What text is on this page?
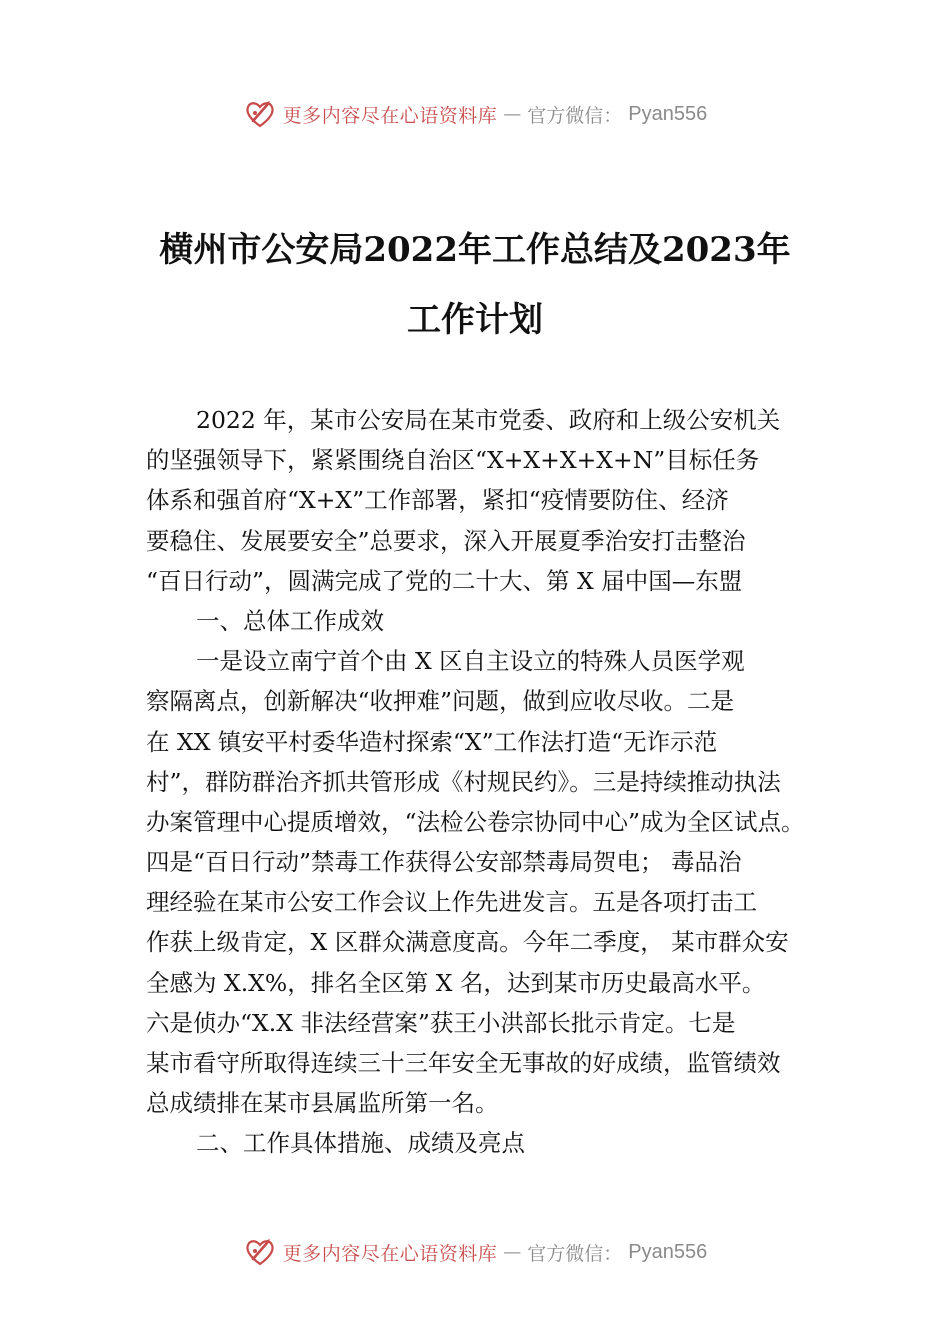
更多内容尽在心语资料库 — 官方微信： Pyan556
横州市公安局2022年工作总结及2023年
工作计划
2022 年，某市公安局在某市党委、政府和上级公安机关
的坚强领导下，紧紧围绕自治区“X+X+X+X+N”目标任务
体系和强首府“X+X”工作部署，紧扣“疫情要防住、经济
要稳住、发展要安全”总要求，深入开展夏季治安打击整治
“百日行动”，圆满完成了党的二十大、第 X 届中国—东盟
一、总体工作成效
一是设立南宁首个由 X 区自主设立的特殊人员医学观
察隔离点，创新解决“收押难”问题，做到应收尽收。二是
在 XX 镇安平村委华造村探索“X”工作法打造“无诈示范
村”，群防群治齐抓共管形成《村规民约》。三是持续推动执法
办案管理中心提质增效，“法检公卷宗协同中心”成为全区试点。
四是“百日行动”禁毒工作获得公安部禁毒局贺电； 毒品治
理经验在某市公安工作会议上作先进发言。五是各项打击工
作获上级肯定，X 区群众满意度高。今年二季度， 某市群众安
全感为 X.X%，排名全区第 X 名，达到某市历史最高水平。
六是侦办“X.X 非法经营案”获王小洪部长批示肯定。七是
某市看守所取得连续三十三年安全无事故的好成绩，监管绩效
总成绩排在某市县属监所第一名。
二、工作具体措施、成绩及亮点
更多内容尽在心语资料库 — 官方微信： Pyan556
